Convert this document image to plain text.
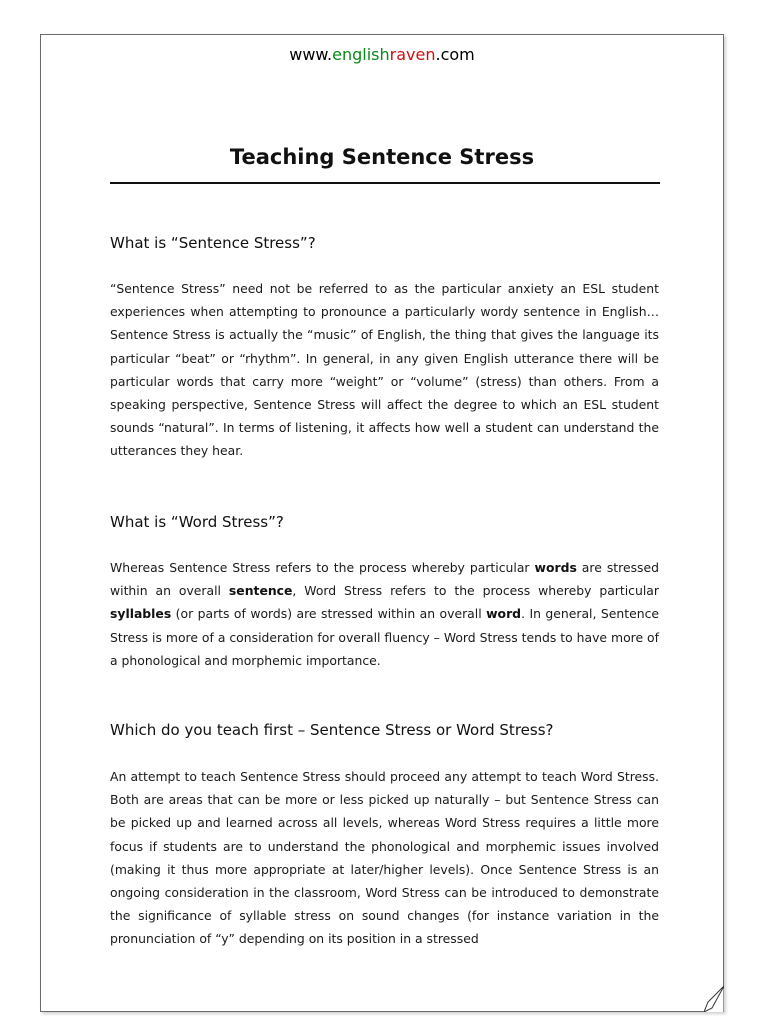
www.englishraven.com
Teaching Sentence Stress
What is “Sentence Stress”?

“Sentence Stress” need not be referred to as the particular anxiety an ESL student experiences when attempting to pronounce a particularly wordy sentence in English… Sentence Stress is actually the “music” of English, the thing that gives the language its particular “beat” or “rhythm”. In general, in any given English utterance there will be particular words that carry more “weight” or “volume” (stress) than others. From a speaking perspective, Sentence Stress will affect the degree to which an ESL student sounds “natural”. In terms of listening, it affects how well a student can understand the utterances they hear.

What is “Word Stress”?

Whereas Sentence Stress refers to the process whereby particular words are stressed within an overall sentence, Word Stress refers to the process whereby particular syllables (or parts of words) are stressed within an overall word. In general, Sentence Stress is more of a consideration for overall fluency – Word Stress tends to have more of a phonological and morphemic importance.

Which do you teach first – Sentence Stress or Word Stress?

An attempt to teach Sentence Stress should proceed any attempt to teach Word Stress. Both are areas that can be more or less picked up naturally – but Sentence Stress can be picked up and learned across all levels, whereas Word Stress requires a little more focus if students are to understand the phonological and morphemic issues involved (making it thus more appropriate at later/higher levels). Once Sentence Stress is an ongoing consideration in the classroom, Word Stress can be introduced to demonstrate the significance of syllable stress on sound changes (for instance variation in the pronunciation of “y” depending on its position in a stressed
